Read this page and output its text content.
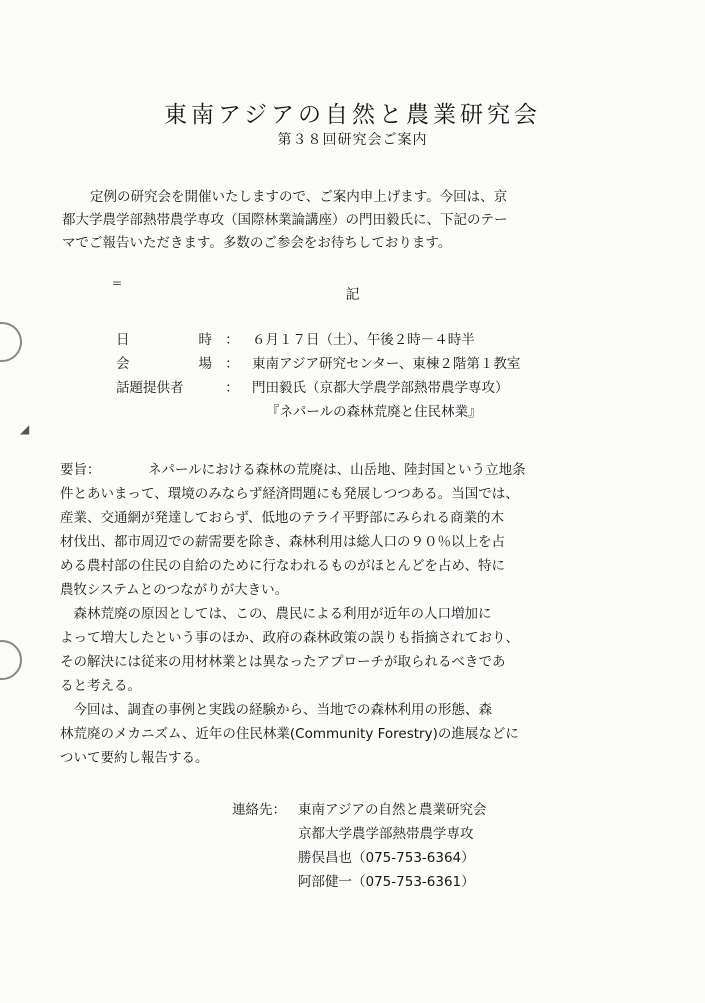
=
◢
東南アジアの自然と農業研究会
第３８回研究会ご案内

定例の研究会を開催いたしますので、ご案内申上げます。今回は、京

都大学農学部熱帯農学専攻（国際林業論講座）の門田毅氏に、下記のテー

マでご報告いただきます。多数のご参会をお待ちしております。

記
日	時 ： ６月１７日（土）、午後２時－４時半
会	場 ： 東南アジア研究センター、東棟２階第１教室
話題提供者	： 門田毅氏（京都大学農学部熱帯農学専攻）
『ネパールの森林荒廃と住民林業』

要旨：	ネパールにおける森林の荒廃は、山岳地、陸封国という立地条

件とあいまって、環境のみならず経済問題にも発展しつつある。当国では、

産業、交通網が発達しておらず、低地のテライ平野部にみられる商業的木

材伐出、都市周辺での薪需要を除き、森林利用は総人口の９０％以上を占

める農村部の住民の自給のために行なわれるものがほとんどを占め、特に

農牧システムとのつながりが大きい。

　森林荒廃の原因としては、この、農民による利用が近年の人口増加に

よって増大したという事のほか、政府の森林政策の誤りも指摘されており、

その解決には従来の用材林業とは異なったアプローチが取られるべきであ

ると考える。

　今回は、調査の事例と実践の経験から、当地での森林利用の形態、森

林荒廃のメカニズム、近年の住民林業(Community Forestry)の進展などに

ついて要約し報告する。

連絡先： 東南アジアの自然と農業研究会
京都大学農学部熱帯農学専攻
勝俣昌也（075-753-6364）
阿部健一（075-753-6361）
